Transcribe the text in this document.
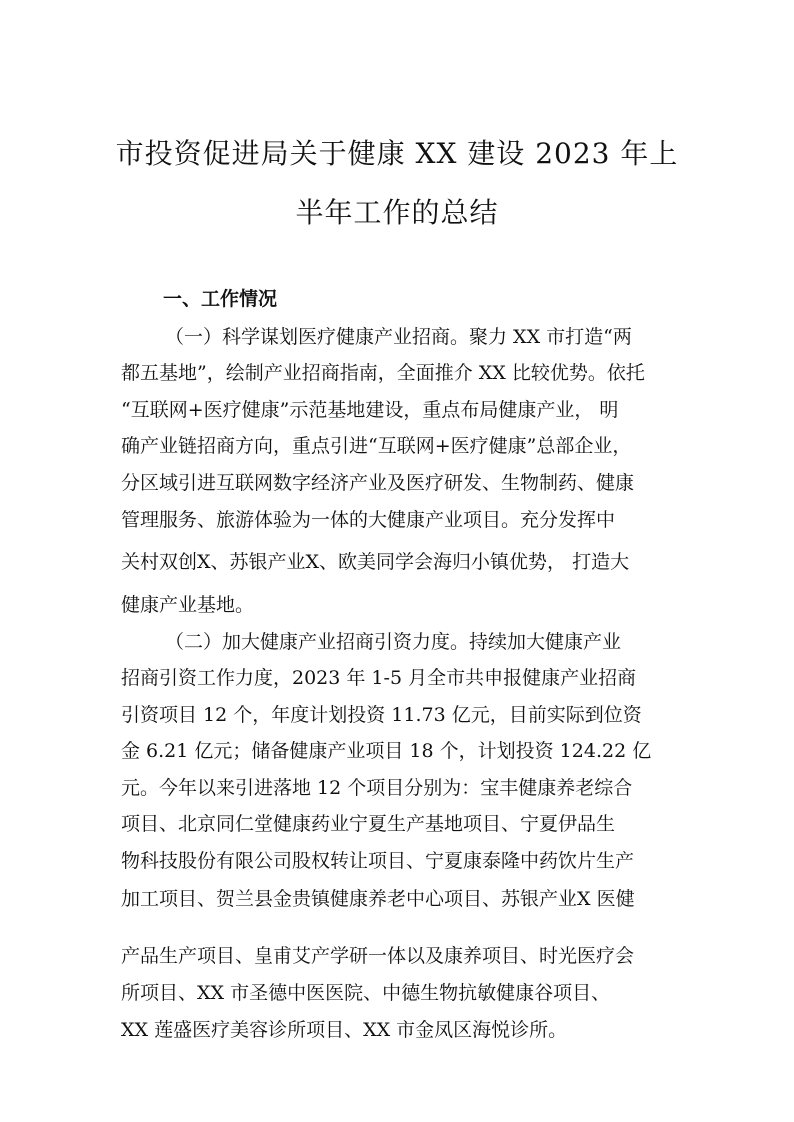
市投资促进局关于健康 XX 建设 2023 年上
半年工作的总结
一、工作情况
（一）科学谋划医疗健康产业招商。聚力 XX 市打造“两
都五基地”，绘制产业招商指南，全面推介 XX 比较优势。依托
“互联网+医疗健康”示范基地建设，重点布局健康产业， 明
确产业链招商方向，重点引进“互联网+医疗健康”总部企业，
分区域引进互联网数字经济产业及医疗研发、生物制药、健康
管理服务、旅游体验为一体的大健康产业项目。充分发挥中
关村双创X、苏银产业X、欧美同学会海归小镇优势， 打造大
健康产业基地。
（二）加大健康产业招商引资力度。持续加大健康产业
招商引资工作力度，2023 年 1-5 月全市共申报健康产业招商
引资项目 12 个，年度计划投资 11.73 亿元，目前实际到位资
金 6.21 亿元；储备健康产业项目 18 个，计划投资 124.22 亿
元。今年以来引进落地 12 个项目分别为：宝丰健康养老综合
项目、北京同仁堂健康药业宁夏生产基地项目、宁夏伊品生
物科技股份有限公司股权转让项目、宁夏康泰隆中药饮片生产
加工项目、贺兰县金贵镇健康养老中心项目、苏银产业X 医健
产品生产项目、皇甫艾产学研一体以及康养项目、时光医疗会
所项目、XX 市圣德中医医院、中德生物抗敏健康谷项目、
XX 莲盛医疗美容诊所项目、XX 市金凤区海悦诊所。
